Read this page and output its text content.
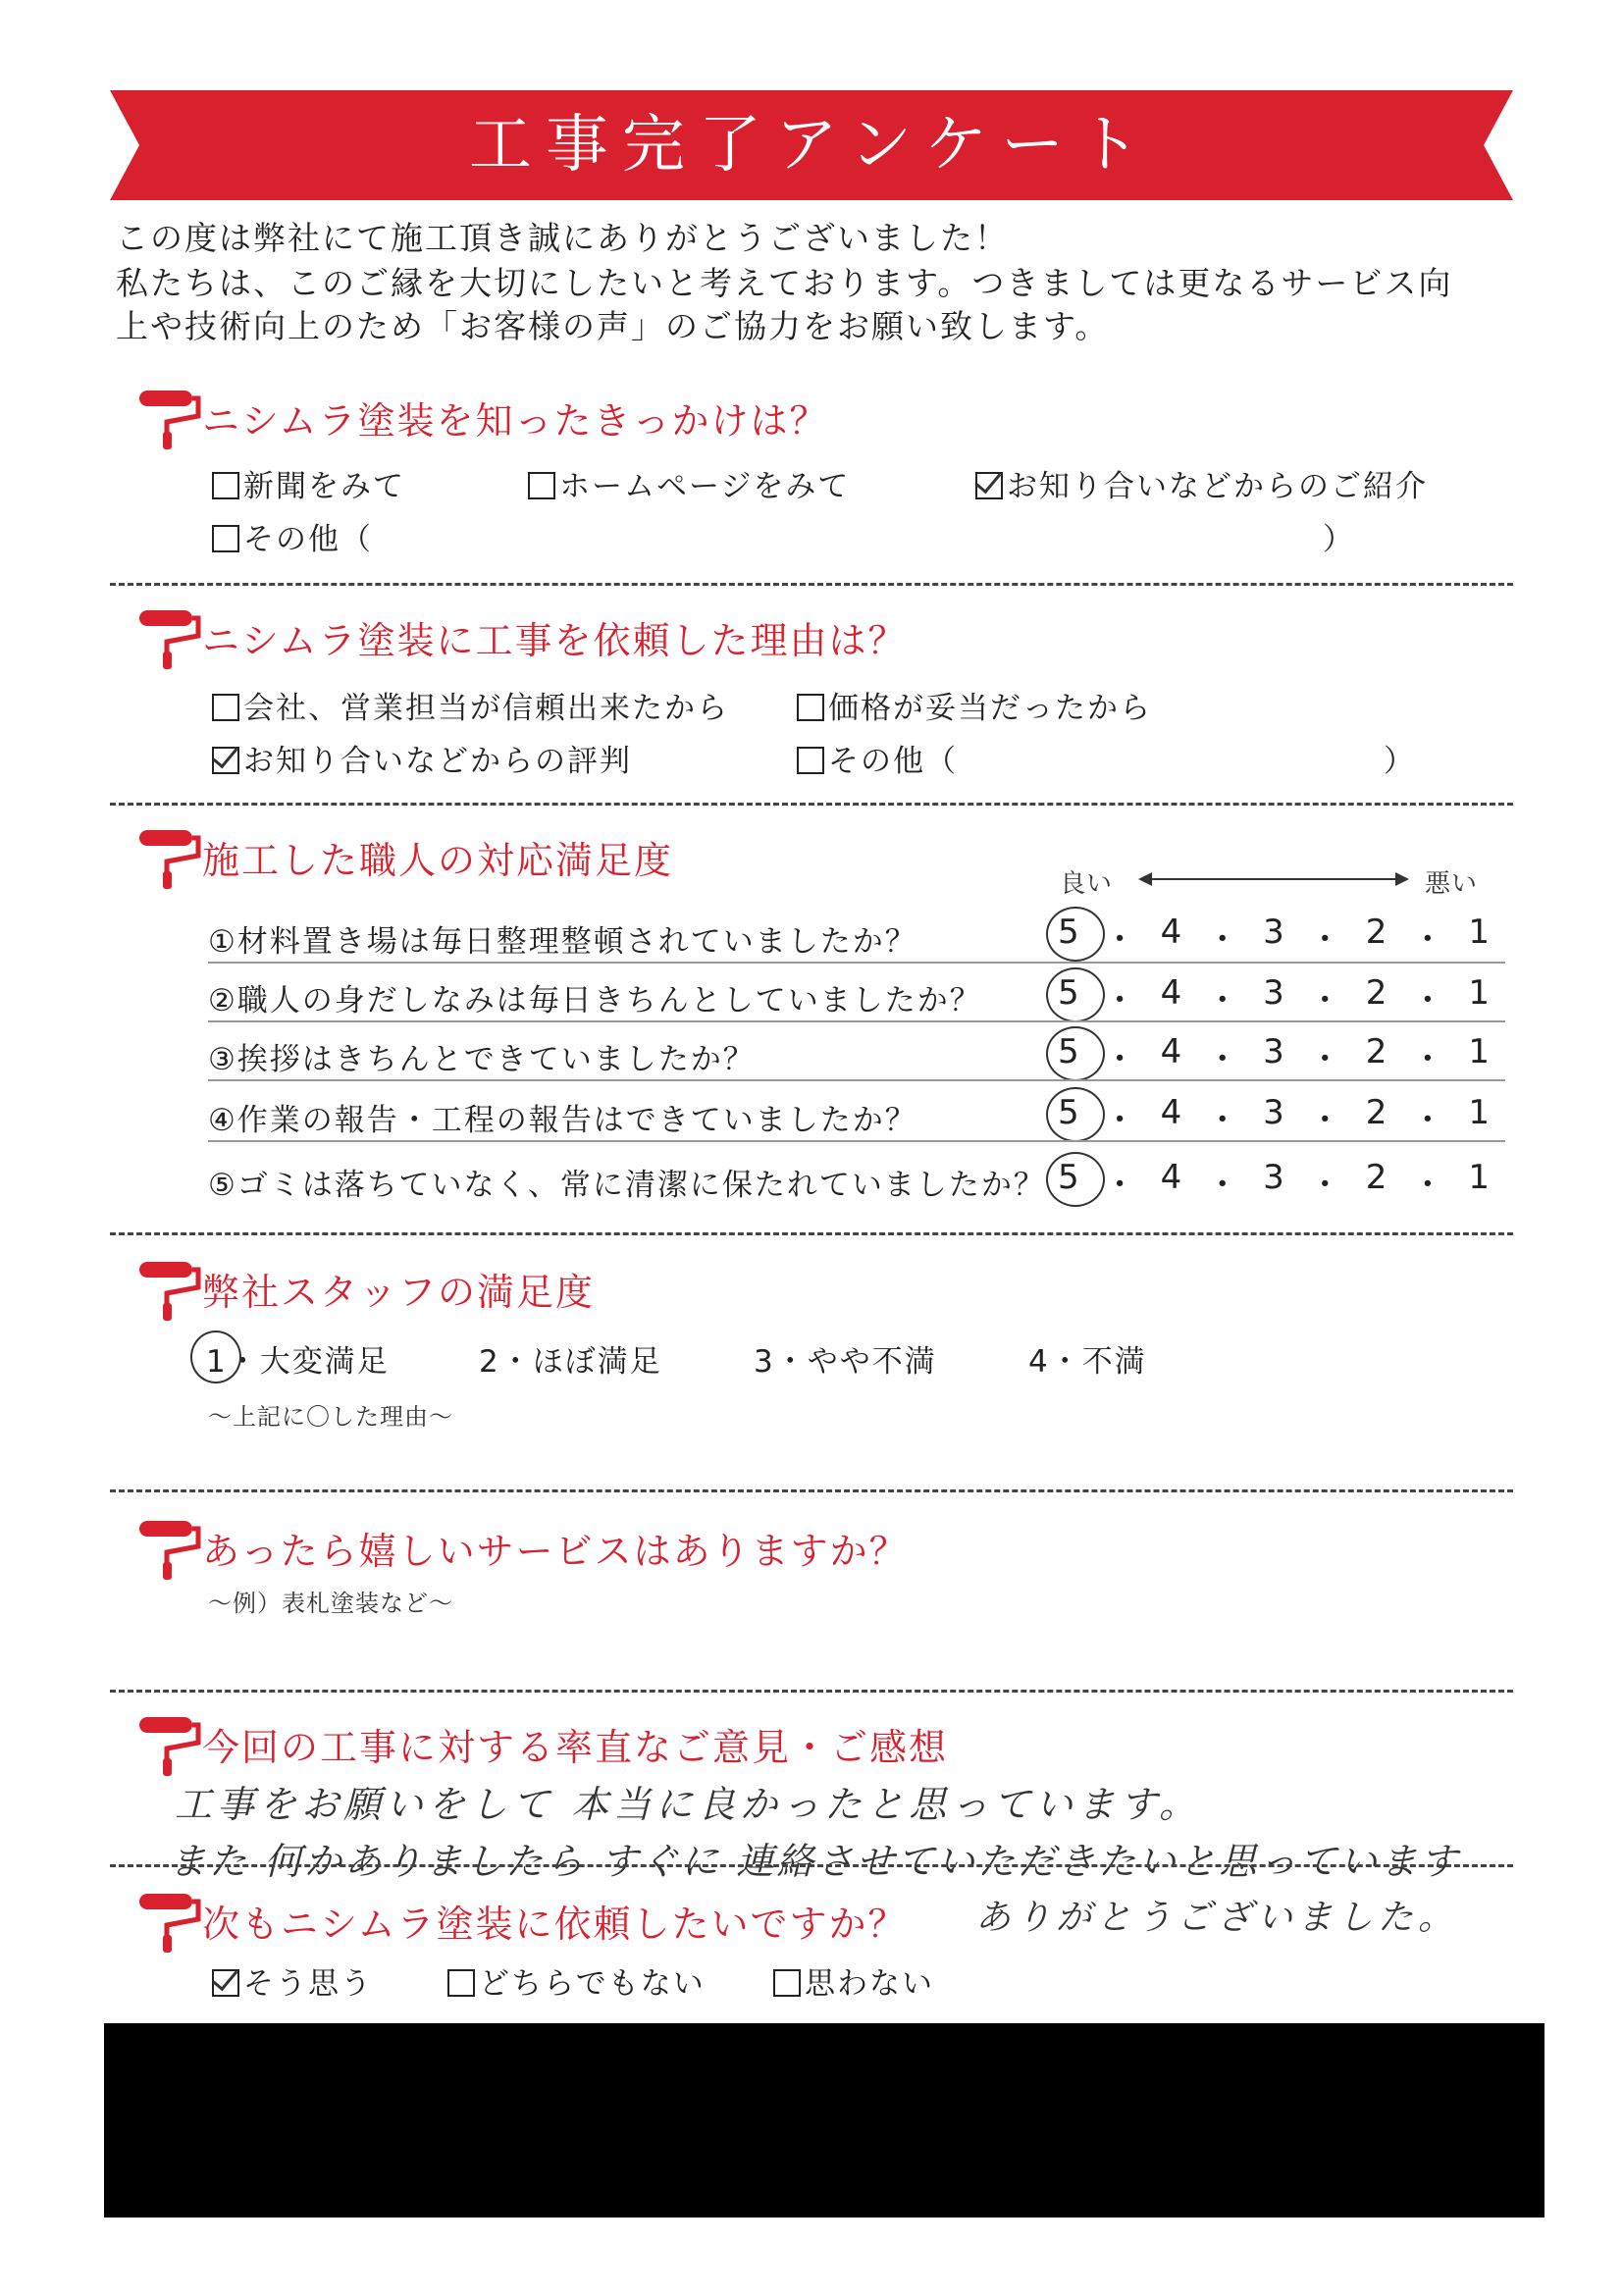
工事完了アンケート
この度は弊社にて施工頂き誠にありがとうございました！
私たちは、このご縁を大切にしたいと考えております。つきましては更なるサービス向
上や技術向上のため「お客様の声」のご協力をお願い致します。
ニシムラ塗装を知ったきっかけは？
新聞をみて	ホームページをみて	お知り合いなどからのご紹介
その他（	）
ニシムラ塗装に工事を依頼した理由は？
会社、営業担当が信頼出来たから	価格が妥当だったから
お知り合いなどからの評判	その他（	）
施工した職人の対応満足度
良い	悪い
①材料置き場は毎日整理整頓されていましたか？	5 ・ 4 ・ 3 ・ 2 ・ 1
②職人の身だしなみは毎日きちんとしていましたか？ 5 ・ 4 ・ 3 ・ 2 ・ 1
③挨拶はきちんとできていましたか？	5 ・ 4 ・ 3 ・ 2 ・ 1
④作業の報告・工程の報告はできていましたか？	5 ・ 4 ・ 3 ・ 2 ・ 1
⑤ゴミは落ちていなく、常に清潔に保たれていましたか？ 5 ・ 4 ・ 3 ・ 2 ・ 1
弊社スタッフの満足度
1・大変満足	2・ほぼ満足	3・やや不満	4・不満
〜上記に〇した理由〜
あったら嬉しいサービスはありますか？
〜例）表札塗装など〜
今回の工事に対する率直なご意見・ご感想
工事をお願いをして 本当に良かったと思っています。
また 何かありましたら すぐに 連絡させていただきたいと思っています
次もニシムラ塗装に依頼したいですか？ ありがとうございました。
そう思う	どちらでもない	思わない
